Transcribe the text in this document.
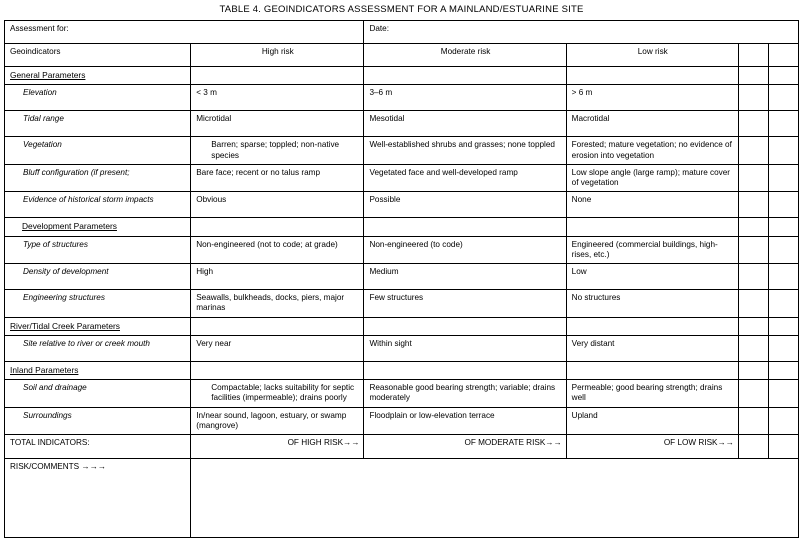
TABLE 4. GEOINDICATORS ASSESSMENT FOR A MAINLAND/ESTUARINE SITE
Assessment for:		Date:			
Geoindicators	High risk	Moderate risk	Low risk		
General Parameters					
Elevation	< 3 m	3–6 m	> 6 m		
Tidal range	Microtidal	Mesotidal	Macrotidal		
Vegetation	Barren; sparse; toppled; non-native species	Well-established shrubs and grasses; none toppled	Forested; mature vegetation; no evidence of erosion into vegetation		
Bluff configuration (if present;	Bare face; recent or no talus ramp	Vegetated face and well-developed ramp	Low slope angle (large ramp); mature cover of vegetation		
Evidence of historical storm impacts	Obvious	Possible	None		
Development Parameters					
Type of structures	Non-engineered (not to code; at grade)	Non-engineered (to code)	Engineered (commercial buildings, high-rises, etc.)		
Density of development	High	Medium	Low		
Engineering structures	Seawalls, bulkheads, docks, piers, major marinas	Few structures	No structures		
River/Tidal Creek Parameters					
Site relative to river or creek mouth	Very near	Within sight	Very distant		
Inland Parameters					
Soil and drainage	Compactable; lacks suitability for septic facilities (impermeable); drains poorly	Reasonable good bearing strength; variable; drains moderately	Permeable; good bearing strength; drains well		
Surroundings	In/near sound, lagoon, estuary, or swamp (mangrove)	Floodplain or low-elevation terrace	Upland		
TOTAL INDICATORS:	OF HIGH RISK→→	OF MODERATE RISK→→	OF LOW RISK→→		
RISK/COMMENTS →→→					
